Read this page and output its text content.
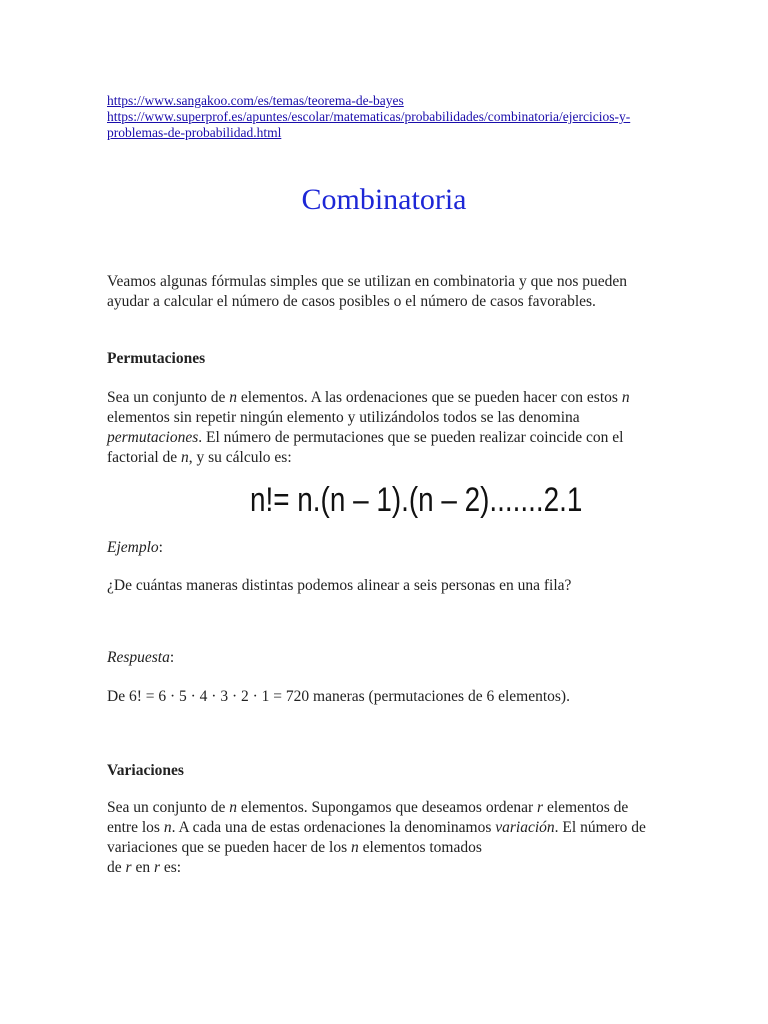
https://www.sangakoo.com/es/temas/teorema-de-bayes
https://www.superprof.es/apuntes/escolar/matematicas/probabilidades/combinatoria/ejercicios-y-problemas-de-probabilidad.html
Combinatoria

Veamos algunas fórmulas simples que se utilizan en combinatoria y que nos pueden ayudar a calcular el número de casos posibles o el número de casos favorables.

Permutaciones

Sea un conjunto de n elementos. A las ordenaciones que se pueden hacer con estos n elementos sin repetir ningún elemento y utilizándolos todos se las denomina permutaciones. El número de permutaciones que se pueden realizar coincide con el factorial de n, y su cálculo es:

n!= n.(n – 1).(n – 2).......2.1

Ejemplo:

¿De cuántas maneras distintas podemos alinear a seis personas en una fila?

Respuesta:

De 6! = 6 · 5 · 4 · 3 · 2 · 1 = 720 maneras (permutaciones de 6 elementos).

Variaciones

Sea un conjunto de n elementos. Supongamos que deseamos ordenar r elementos de entre los n. A cada una de estas ordenaciones la denominamos variación. El número de variaciones que se pueden hacer de los n elementos tomados
de r en r es:
